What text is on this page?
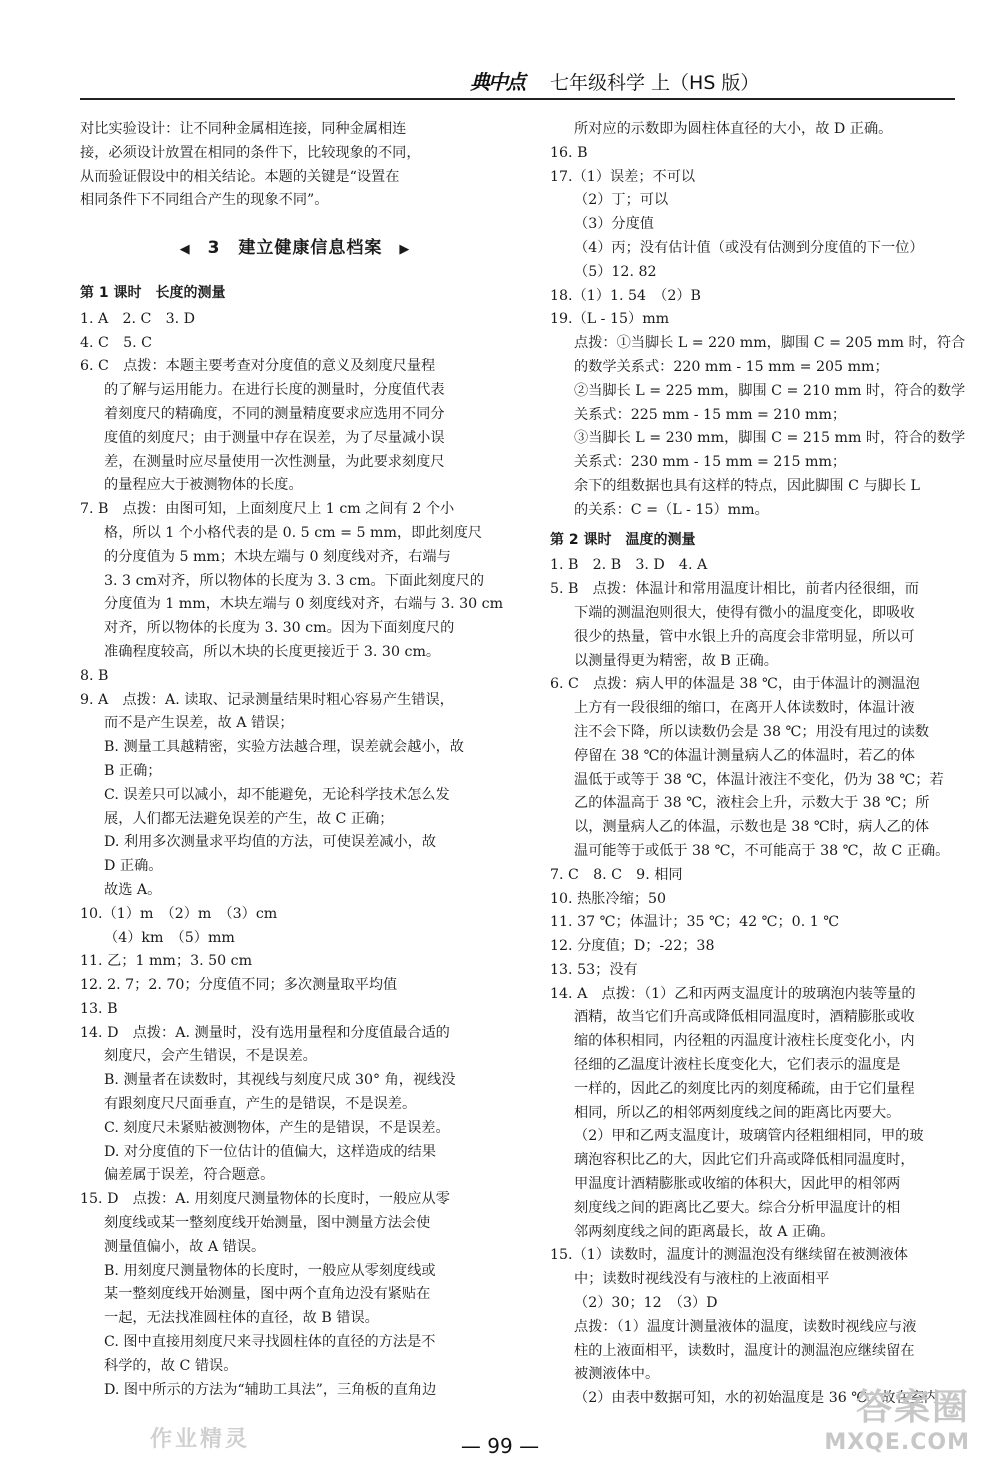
典中点	七年级科学 上（HS 版）
对比实验设计：让不同种金属相连接，同种金属相连
接，必须设计放置在相同的条件下，比较现象的不同，
从而验证假设中的相关结论。本题的关键是“设置在
相同条件下不同组合产生的现象不同”。
◀ 3　建立健康信息档案 ▶
第 1 课时　长度的测量
1. A　2. C　3. D
4. C　5. C
6. C　点拨：本题主要考查对分度值的意义及刻度尺量程
的了解与运用能力。在进行长度的测量时，分度值代表
着刻度尺的精确度，不同的测量精度要求应选用不同分
度值的刻度尺；由于测量中存在误差，为了尽量减小误
差，在测量时应尽量使用一次性测量，为此要求刻度尺
的量程应大于被测物体的长度。
7. B　点拨：由图可知，上面刻度尺上 1 cm 之间有 2 个小
格，所以 1 个小格代表的是 0. 5 cm = 5 mm，即此刻度尺
的分度值为 5 mm；木块左端与 0 刻度线对齐，右端与
3. 3 cm对齐，所以物体的长度为 3. 3 cm。下面此刻度尺的
分度值为 1 mm，木块左端与 0 刻度线对齐，右端与 3. 30 cm
对齐，所以物体的长度为 3. 30 cm。因为下面刻度尺的
准确程度较高，所以木块的长度更接近于 3. 30 cm。
8. B
9. A　点拨：A. 读取、记录测量结果时粗心容易产生错误，
而不是产生误差，故 A 错误；
B. 测量工具越精密，实验方法越合理，误差就会越小，故
B 正确；
C. 误差只可以减小，却不能避免，无论科学技术怎么发
展，人们都无法避免误差的产生，故 C 正确；
D. 利用多次测量求平均值的方法，可使误差减小，故
D 正确。
故选 A。
10.（1）m　（2）m　（3）cm
（4）km　（5）mm
11. 乙；1 mm；3. 50 cm
12. 2. 7；2. 70；分度值不同；多次测量取平均值
13. B
14. D　点拨：A. 测量时，没有选用量程和分度值最合适的
刻度尺，会产生错误，不是误差。
B. 测量者在读数时，其视线与刻度尺成 30° 角，视线没
有跟刻度尺尺面垂直，产生的是错误，不是误差。
C. 刻度尺未紧贴被测物体，产生的是错误，不是误差。
D. 对分度值的下一位估计的值偏大，这样造成的结果
偏差属于误差，符合题意。
15. D　点拨：A. 用刻度尺测量物体的长度时，一般应从零
刻度线或某一整刻度线开始测量，图中测量方法会使
测量值偏小，故 A 错误。
B. 用刻度尺测量物体的长度时，一般应从零刻度线或
某一整刻度线开始测量，图中两个直角边没有紧贴在
一起，无法找准圆柱体的直径，故 B 错误。
C. 图中直接用刻度尺来寻找圆柱体的直径的方法是不
科学的，故 C 错误。
D. 图中所示的方法为“辅助工具法”，三角板的直角边
所对应的示数即为圆柱体直径的大小，故 D 正确。
16. B
17.（1）误差；不可以
（2）丁；可以
（3）分度值
（4）丙；没有估计值（或没有估测到分度值的下一位）
（5）12. 82
18.（1）1. 54　（2）B
19.（L - 15）mm
点拨：①当脚长 L = 220 mm，脚围 C = 205 mm 时，符合
的数学关系式：220 mm - 15 mm = 205 mm；
②当脚长 L = 225 mm，脚围 C = 210 mm 时，符合的数学
关系式：225 mm - 15 mm = 210 mm；
③当脚长 L = 230 mm，脚围 C = 215 mm 时，符合的数学
关系式：230 mm - 15 mm = 215 mm；
余下的组数据也具有这样的特点，因此脚围 C 与脚长 L
的关系：C =（L - 15）mm。
第 2 课时　温度的测量
1. B　2. B　3. D　4. A
5. B　点拨：体温计和常用温度计相比，前者内径很细，而
下端的测温泡则很大，使得有微小的温度变化，即吸收
很少的热量，管中水银上升的高度会非常明显，所以可
以测量得更为精密，故 B 正确。
6. C　点拨：病人甲的体温是 38 ℃，由于体温计的测温泡
上方有一段很细的缩口，在离开人体读数时，体温计液
注不会下降，所以读数仍会是 38 ℃；用没有甩过的读数
停留在 38 ℃的体温计测量病人乙的体温时，若乙的体
温低于或等于 38 ℃，体温计液注不变化，仍为 38 ℃；若
乙的体温高于 38 ℃，液柱会上升，示数大于 38 ℃；所
以，测量病人乙的体温，示数也是 38 ℃时，病人乙的体
温可能等于或低于 38 ℃，不可能高于 38 ℃，故 C 正确。
7. C　8. C　9. 相同
10. 热胀冷缩；50
11. 37 ℃；体温计；35 ℃；42 ℃；0. 1 ℃
12. 分度值；D；-22；38
13. 53；没有
14. A　点拨：（1）乙和丙两支温度计的玻璃泡内装等量的
酒精，故当它们升高或降低相同温度时，酒精膨胀或收
缩的体积相同，内径粗的丙温度计液柱长度变化小，内
径细的乙温度计液柱长度变化大，它们表示的温度是
一样的，因此乙的刻度比丙的刻度稀疏，由于它们量程
相同，所以乙的相邻两刻度线之间的距离比丙要大。
（2）甲和乙两支温度计，玻璃管内径粗细相同，甲的玻
璃泡容积比乙的大，因此它们升高或降低相同温度时，
甲温度计酒精膨胀或收缩的体积大，因此甲的相邻两
刻度线之间的距离比乙要大。综合分析甲温度计的相
邻两刻度线之间的距离最长，故 A 正确。
15.（1）读数时，温度计的测温泡没有继续留在被测液体
中；读数时视线没有与液柱的上液面相平
（2）30；12　（3）D
点拨：（1）温度计测量液体的温度，读数时视线应与液
柱的上液面相平，读数时，温度计的测温泡应继续留在
被测液体中。
（2）由表中数据可知，水的初始温度是 36 ℃，故在室内
作业精灵	— 99 —
答案圈
MXQE.COM
